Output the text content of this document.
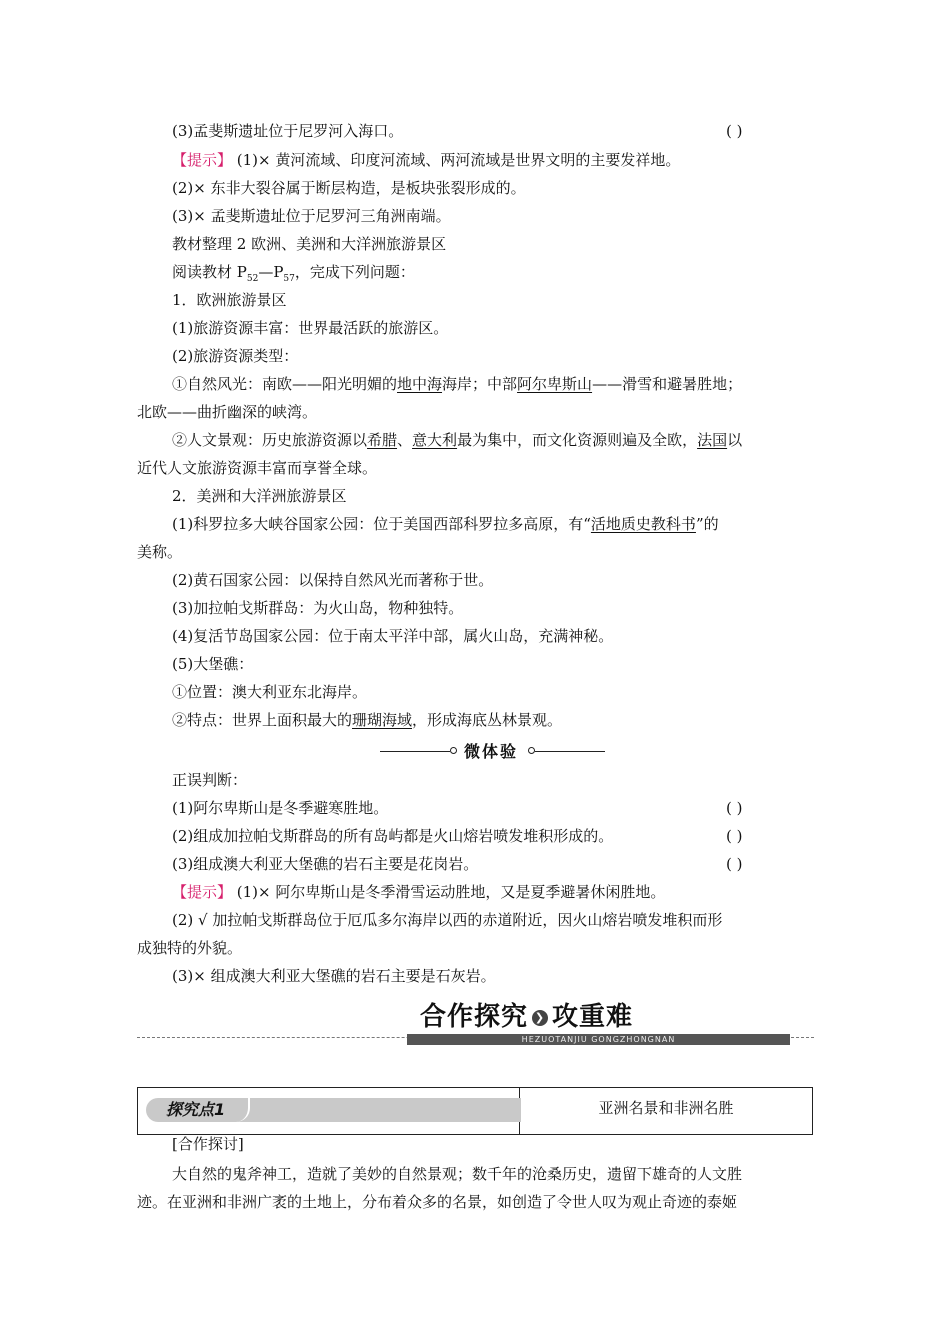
(3)孟斐斯遗址位于尼罗河入海口。	( )
【提示】 (1)× 黄河流域、印度河流域、两河流域是世界文明的主要发祥地。
(2)× 东非大裂谷属于断层构造，是板块张裂形成的。
(3)× 孟斐斯遗址位于尼罗河三角洲南端。
教材整理 2 欧洲、美洲和大洋洲旅游景区
阅读教材 $P_{52}—P_{57}$，完成下列问题：
1．欧洲旅游景区
(1)旅游资源丰富：世界最活跃的旅游区。
(2)旅游资源类型：
①自然风光：南欧——阳光明媚的地中海海岸；中部阿尔卑斯山——滑雪和避暑胜地；
北欧——曲折幽深的峡湾。
②人文景观：历史旅游资源以希腊、意大利最为集中，而文化资源则遍及全欧，法国以
近代人文旅游资源丰富而享誉全球。
2．美洲和大洋洲旅游景区
(1)科罗拉多大峡谷国家公园：位于美国西部科罗拉多高原，有“活地质史教科书”的
美称。
(2)黄石国家公园：以保持自然风光而著称于世。
(3)加拉帕戈斯群岛：为火山岛，物种独特。
(4)复活节岛国家公园：位于南太平洋中部，属火山岛，充满神秘。
(5)大堡礁：
①位置：澳大利亚东北海岸。
②特点：世界上面积最大的珊瑚海域，形成海底丛林景观。
微体验
正误判断：
(1)阿尔卑斯山是冬季避寒胜地。	( )
(2)组成加拉帕戈斯群岛的所有岛屿都是火山熔岩喷发堆积形成的。	( )
(3)组成澳大利亚大堡礁的岩石主要是花岗岩。	( )
【提示】 (1)× 阿尔卑斯山是冬季滑雪运动胜地，又是夏季避暑休闲胜地。
(2) √ 加拉帕戈斯群岛位于厄瓜多尔海岸以西的赤道附近，因火山熔岩喷发堆积而形
成独特的外貌。
(3)× 组成澳大利亚大堡礁的岩石主要是石灰岩。
合作探究 ❯ 攻重难
HEZUOTANJIU GONGZHONGNAN
探究点1	亚洲名景和非洲名胜
[合作探讨]
大自然的鬼斧神工，造就了美妙的自然景观；数千年的沧桑历史，遗留下雄奇的人文胜
迹。在亚洲和非洲广袤的土地上，分布着众多的名景，如创造了令世人叹为观止奇迹的泰姬
